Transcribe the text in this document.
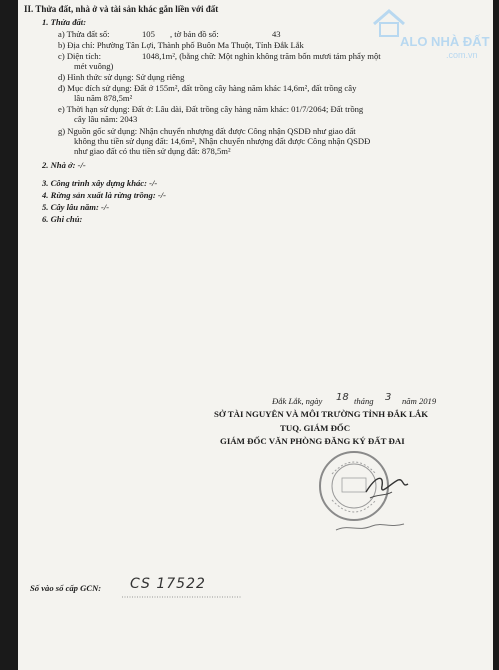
II. Thửa đất, nhà ở và tài sản khác gắn liền với đất
1. Thửa đất:
a) Thửa đất số:	105 , tờ bản đồ số:	43
b) Địa chỉ: Phường Tân Lợi, Thành phố Buôn Ma Thuột, Tỉnh Đắk Lắk
c) Diện tích:	1048,1m², (bằng chữ: Một nghìn không trăm bốn mươi tám phẩy một
mét vuông)
d) Hình thức sử dụng: Sử dụng riêng
đ) Mục đích sử dụng: Đất ở 155m², đất trồng cây hàng năm khác 14,6m², đất trồng cây
lâu năm 878,5m²
e) Thời hạn sử dụng: Đất ở: Lâu dài, Đất trồng cây hàng năm khác: 01/7/2064; Đất trồng
cây lâu năm: 2043
g) Nguồn gốc sử dụng: Nhận chuyển nhượng đất được Công nhận QSDĐ như giao đất
không thu tiền sử dụng đất: 14,6m², Nhận chuyển nhượng đất được Công nhận QSDĐ
như giao đất có thu tiền sử dụng đất: 878,5m²
2. Nhà ở: -/-
3. Công trình xây dựng khác: -/-
4. Rừng sản xuất là rừng trồng: -/-
5. Cây lâu năm: -/-
6. Ghi chú:
Đắk Lắk, ngày 18 tháng 3 năm 2019
SỞ TÀI NGUYÊN VÀ MÔI TRƯỜNG TỈNH ĐẮK LẮK
TUQ. GIÁM ĐỐC
GIÁM ĐỐC VĂN PHÒNG ĐĂNG KÝ ĐẤT ĐAI
Số vào sổ cấp GCN: CS 17522
ALO NHÀ ĐẤT
.com.vn
